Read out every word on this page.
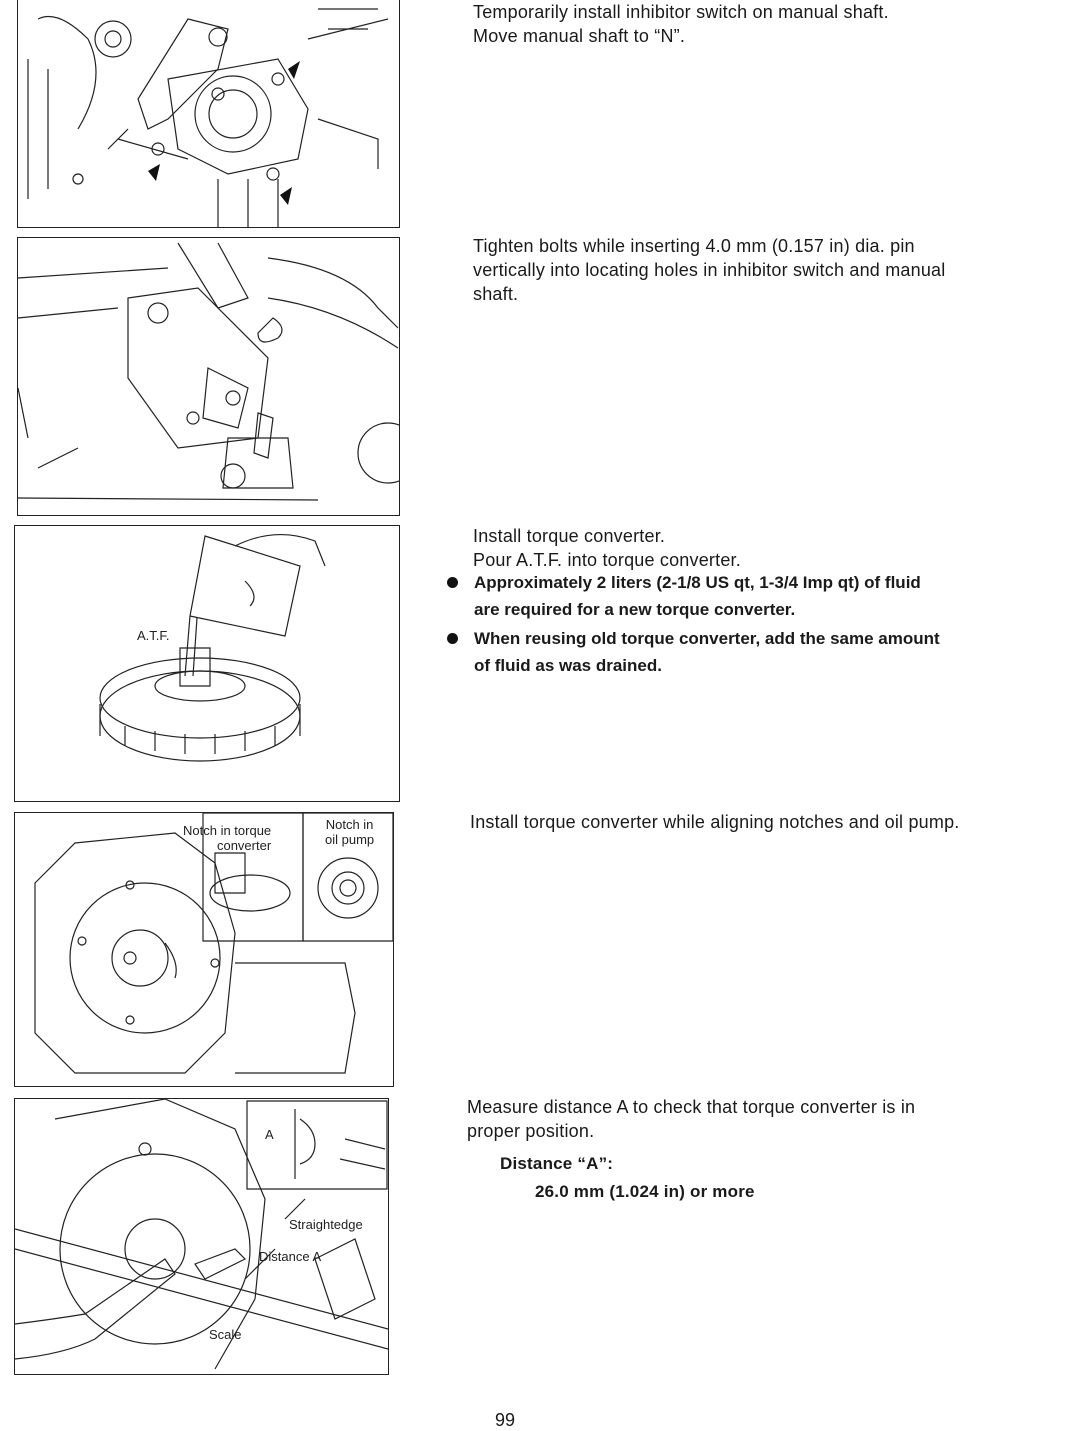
Temporarily install inhibitor switch on manual shaft.
Move manual shaft to “N”.
Tighten bolts while inserting 4.0 mm (0.157 in) dia. pin
vertically into locating holes in inhibitor switch and manual
shaft.
A.T.F.
Install torque converter.
Pour A.T.F. into torque converter.
Approximately 2 liters (2-1/8 US qt, 1-3/4 Imp qt) of fluid
are required for a new torque converter.
When reusing old torque converter, add the same amount
of fluid as was drained.
Notch in torque
converter
Notch in
oil pump
Install torque converter while aligning notches and oil pump.
A
Straightedge
Distance A
Scale
Measure distance A to check that torque converter is in
proper position.
Distance “A”:
26.0 mm (1.024 in) or more
99
